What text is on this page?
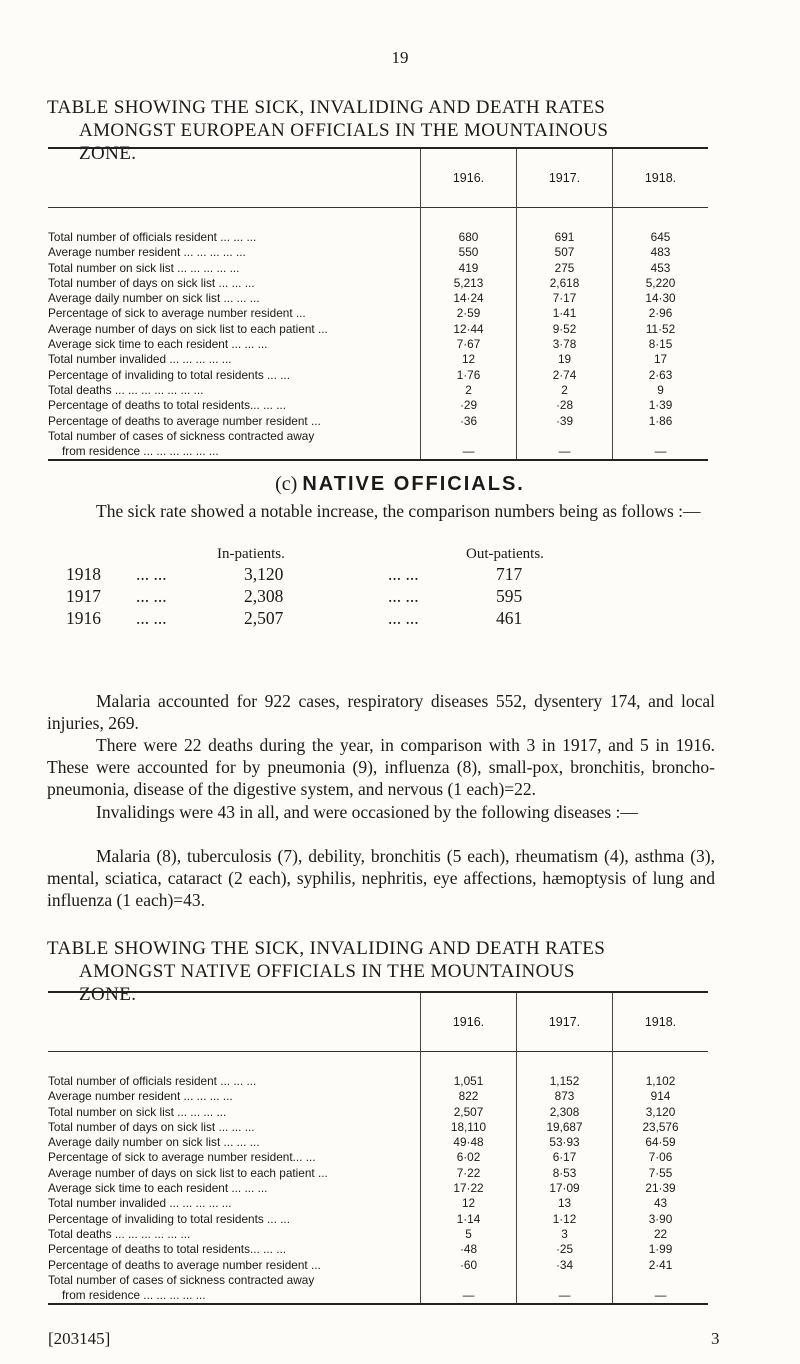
19
TABLE SHOWING THE SICK, INVALIDING AND DEATH RATES
AMONGST EUROPEAN OFFICIALS IN THE MOUNTAINOUS
ZONE.
	1916.	1917.	1918.
Total number of officials resident ... ... ...	680	691	645
Average number resident ... ... ... ... ...	550	507	483
Total number on sick list ... ... ... ... ...	419	275	453
Total number of days on sick list ... ... ...	5,213	2,618	5,220
Average daily number on sick list ... ... ...	14·24	7·17	14·30
Percentage of sick to average number resident ...	2·59	1·41	2·96
Average number of days on sick list to each patient ...	12·44	9·52	11·52
Average sick time to each resident ... ... ...	7·67	3·78	8·15
Total number invalided ... ... ... ... ...	12	19	17
Percentage of invaliding to total residents ... ...	1·76	2·74	2·63
Total deaths ... ... ... ... ... ... ...	2	2	9
Percentage of deaths to total residents... ... ...	·29	·28	1·39
Percentage of deaths to average number resident ...	·36	·39	1·86

Total number of cases of sickness contracted away
from residence ... ... ... ... ... ...	—	—	—
(c) NATIVE OFFICIALS.
The sick rate showed a notable increase, the comparison numbers being as follows :—
In-patients.	Out-patients.
1918 ... ...	3,120	... ...	717
1917 ... ...	2,308	... ...	595
1916 ... ...	2,507	... ...	461
Malaria accounted for 922 cases, respiratory diseases 552, dysentery 174, and local injuries, 269.
There were 22 deaths during the year, in comparison with 3 in 1917, and 5 in 1916. These were accounted for by pneumonia (9), influenza (8), small-pox, bronchitis, broncho-pneumonia, disease of the digestive system, and nervous (1 each)=22.
Invalidings were 43 in all, and were occasioned by the following diseases :—
Malaria (8), tuberculosis (7), debility, bronchitis (5 each), rheumatism (4), asthma (3), mental, sciatica, cataract (2 each), syphilis, nephritis, eye affections, hæmoptysis of lung and influenza (1 each)=43.
TABLE SHOWING THE SICK, INVALIDING AND DEATH RATES
AMONGST NATIVE OFFICIALS IN THE MOUNTAINOUS
ZONE.
	1916.	1917.	1918.
Total number of officials resident ... ... ...	1,051	1,152	1,102
Average number resident ... ... ... ...	822	873	914
Total number on sick list ... ... ... ...	2,507	2,308	3,120
Total number of days on sick list ... ... ...	18,110	19,687	23,576
Average daily number on sick list ... ... ...	49·48	53·93	64·59
Percentage of sick to average number resident... ...	6·02	6·17	7·06
Average number of days on sick list to each patient ...	7·22	8·53	7·55
Average sick time to each resident ... ... ...	17·22	17·09	21·39
Total number invalided ... ... ... ... ...	12	13	43
Percentage of invaliding to total residents ... ...	1·14	1·12	3·90
Total deaths ... ... ... ... ... ...	5	3	22
Percentage of deaths to total residents... ... ...	·48	·25	1·99
Percentage of deaths to average number resident ...	·60	·34	2·41

Total number of cases of sickness contracted away
from residence ... ... ... ... ...	—	—	—
[203145]	3
